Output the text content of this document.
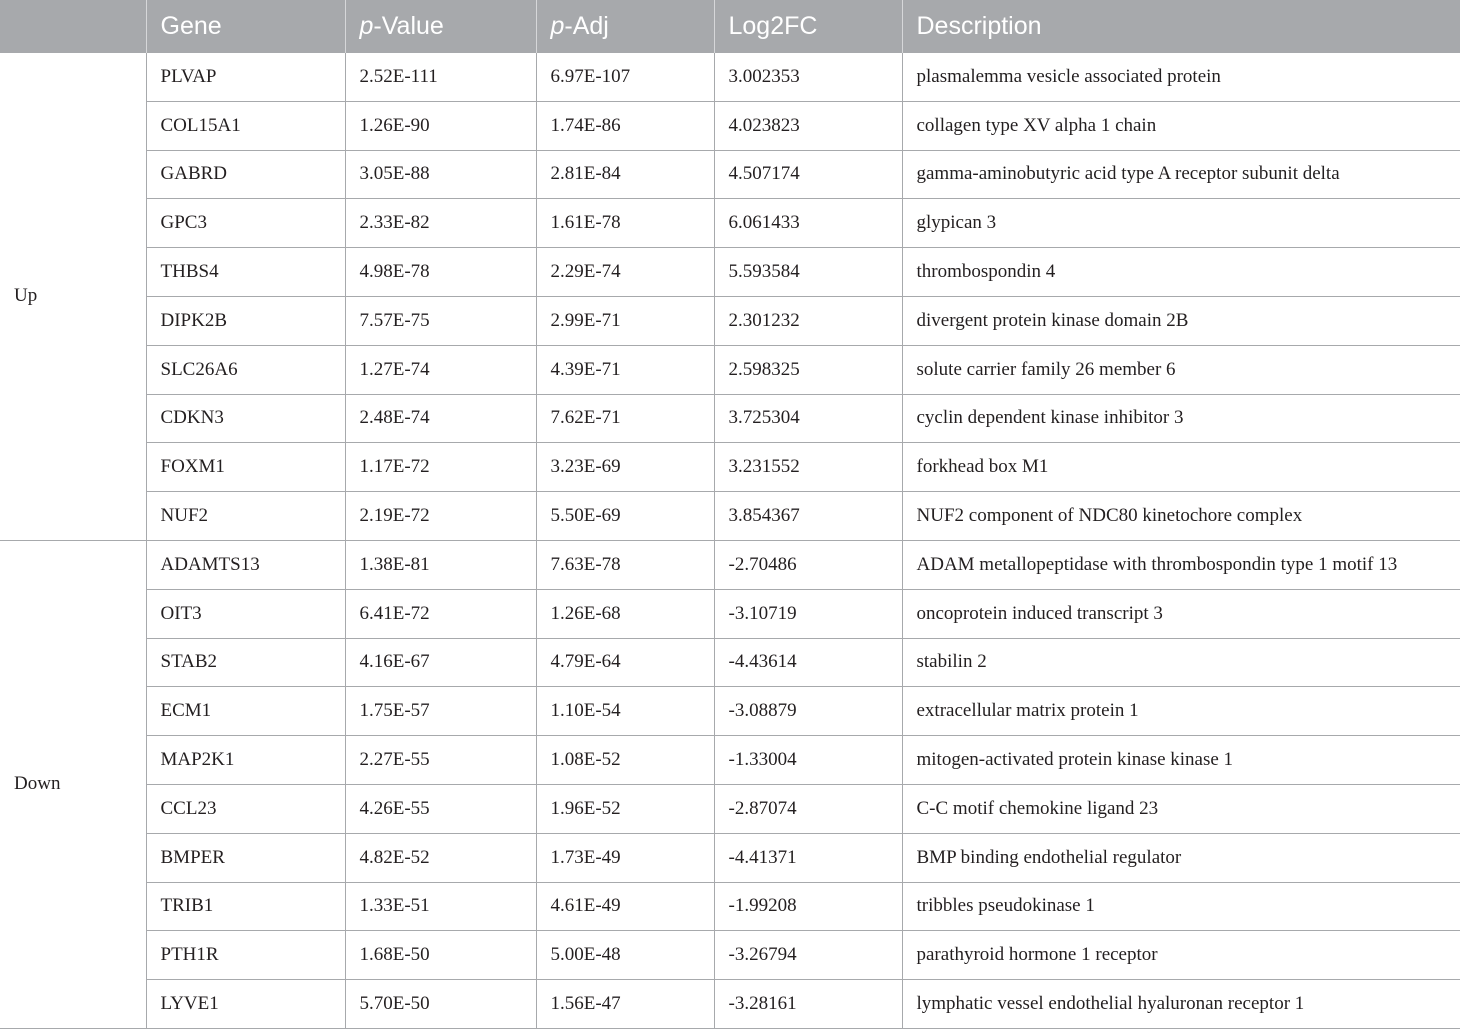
	Gene	p-Value	p-Adj	Log2FC	Description
Up	PLVAP	2.52E-111	6.97E-107	3.002353	plasmalemma vesicle associated protein
	COL15A1	1.26E-90	1.74E-86	4.023823	collagen type XV alpha 1 chain
	GABRD	3.05E-88	2.81E-84	4.507174	gamma-aminobutyric acid type A receptor subunit delta
	GPC3	2.33E-82	1.61E-78	6.061433	glypican 3
	THBS4	4.98E-78	2.29E-74	5.593584	thrombospondin 4
	DIPK2B	7.57E-75	2.99E-71	2.301232	divergent protein kinase domain 2B
	SLC26A6	1.27E-74	4.39E-71	2.598325	solute carrier family 26 member 6
	CDKN3	2.48E-74	7.62E-71	3.725304	cyclin dependent kinase inhibitor 3
	FOXM1	1.17E-72	3.23E-69	3.231552	forkhead box M1
	NUF2	2.19E-72	5.50E-69	3.854367	NUF2 component of NDC80 kinetochore complex
Down	ADAMTS13	1.38E-81	7.63E-78	-2.70486	ADAM metallopeptidase with thrombospondin type 1 motif 13
	OIT3	6.41E-72	1.26E-68	-3.10719	oncoprotein induced transcript 3
	STAB2	4.16E-67	4.79E-64	-4.43614	stabilin 2
	ECM1	1.75E-57	1.10E-54	-3.08879	extracellular matrix protein 1
	MAP2K1	2.27E-55	1.08E-52	-1.33004	mitogen-activated protein kinase kinase 1
	CCL23	4.26E-55	1.96E-52	-2.87074	C-C motif chemokine ligand 23
	BMPER	4.82E-52	1.73E-49	-4.41371	BMP binding endothelial regulator
	TRIB1	1.33E-51	4.61E-49	-1.99208	tribbles pseudokinase 1
	PTH1R	1.68E-50	5.00E-48	-3.26794	parathyroid hormone 1 receptor
	LYVE1	5.70E-50	1.56E-47	-3.28161	lymphatic vessel endothelial hyaluronan receptor 1
